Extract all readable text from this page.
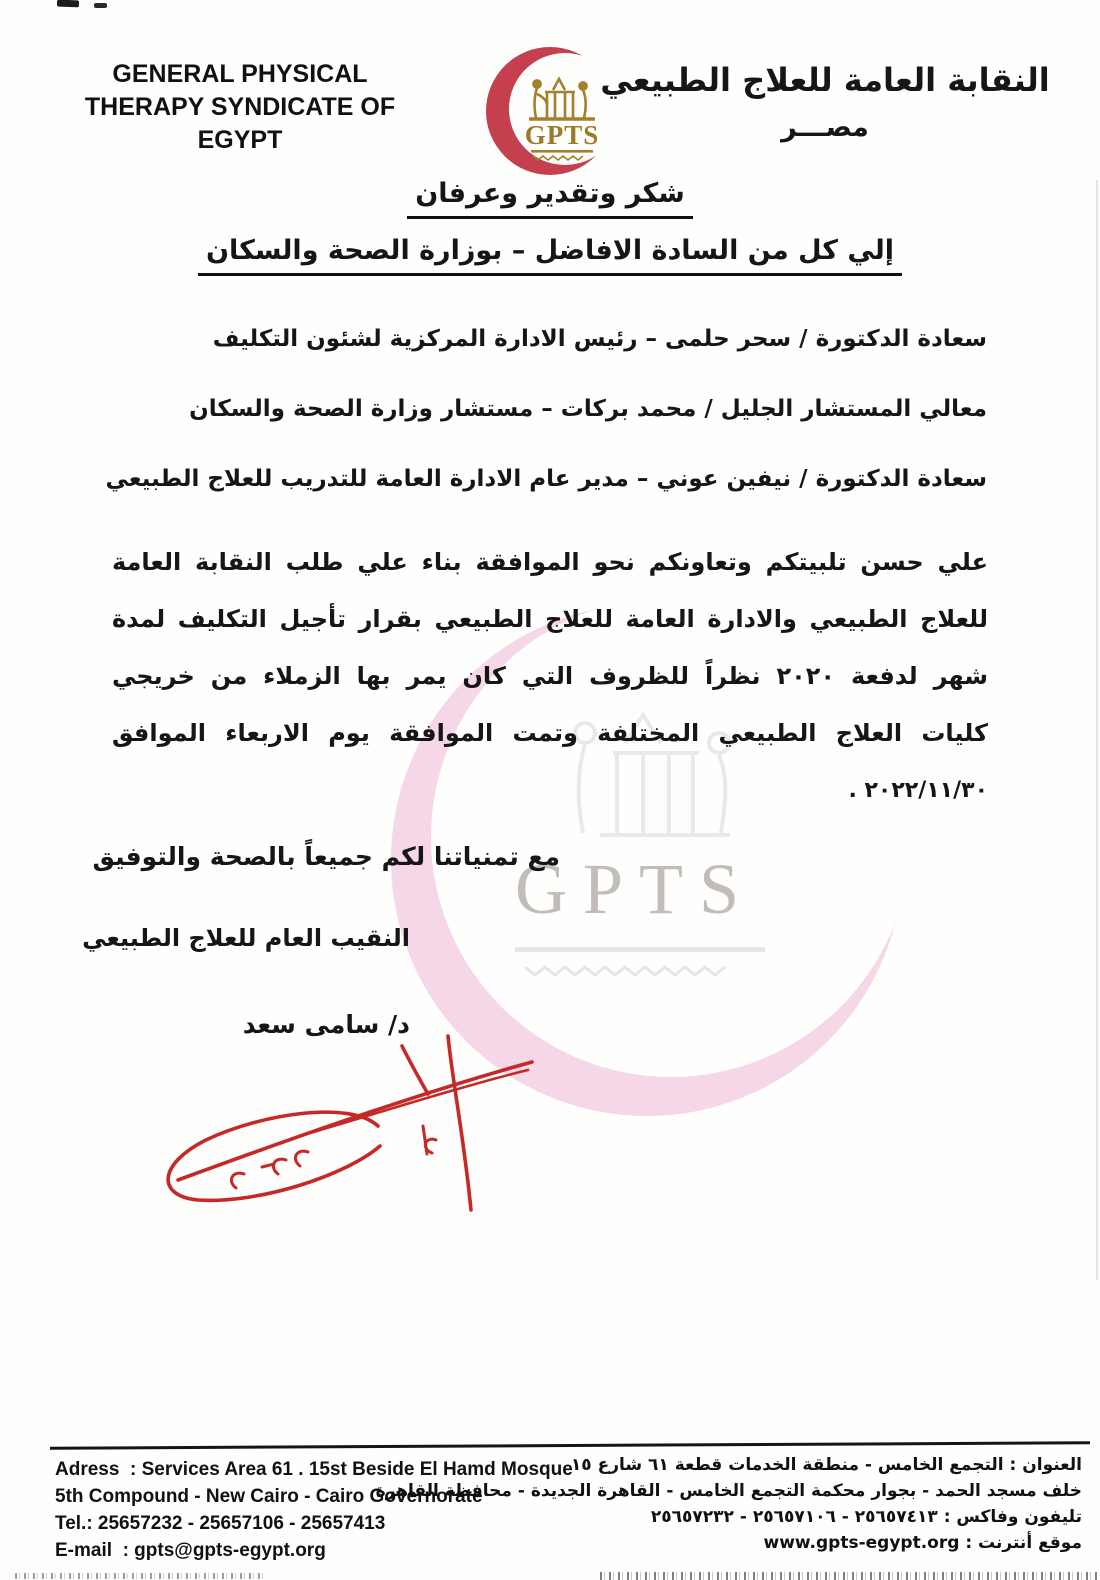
GPTS
GENERAL PHYSICAL THERAPY SYNDICATE OF EGYPT	GPTS
النقابة العامة للعلاج الطبيعي
مصـــر
شكر وتقدير وعرفان
إلي كل من السادة الافاضل – بوزارة الصحة والسكان
سعادة الدكتورة / سحر حلمى – رئيس الادارة المركزية لشئون التكليف
معالي المستشار الجليل / محمد بركات – مستشار وزارة الصحة والسكان
سعادة الدكتورة / نيفين عوني – مدير عام الادارة العامة للتدريب للعلاج الطبيعي
علي حسن تلبيتكم وتعاونكم نحو الموافقة بناء علي طلب النقابة العامة
للعلاج الطبيعي والادارة العامة للعلاج الطبيعي بقرار تأجيل التكليف لمدة
شهر لدفعة ٢٠٢٠ نظراً للظروف التي كان يمر بها الزملاء من خريجي
كليات العلاج الطبيعي المختلفة وتمت الموافقة يوم الاربعاء الموافق
٢٠٢٢/١١/٣٠ .
مع تمنياتنا لكم جميعاً بالصحة والتوفيق
النقيب العام للعلاج الطبيعي
د/ سامى سعد
Adress  : Services Area 61 . 15st Beside El Hamd Mosque
5th Compound - New Cairo - Cairo Governorate
Tel.: 25657232 - 25657106 - 25657413
E-mail  : gpts@gpts-egypt.org
العنوان : التجمع الخامس - منطقة الخدمات قطعة ٦١ شارع ١٥
خلف مسجد الحمد - بجوار محكمة التجمع الخامس - القاهرة الجديدة - محافظة القاهرة
تليفون وفاكس : ٢٥٦٥٧٤١٣ - ٢٥٦٥٧١٠٦ - ٢٥٦٥٧٢٣٢
موقع أنترنت : www.gpts-egypt.org
